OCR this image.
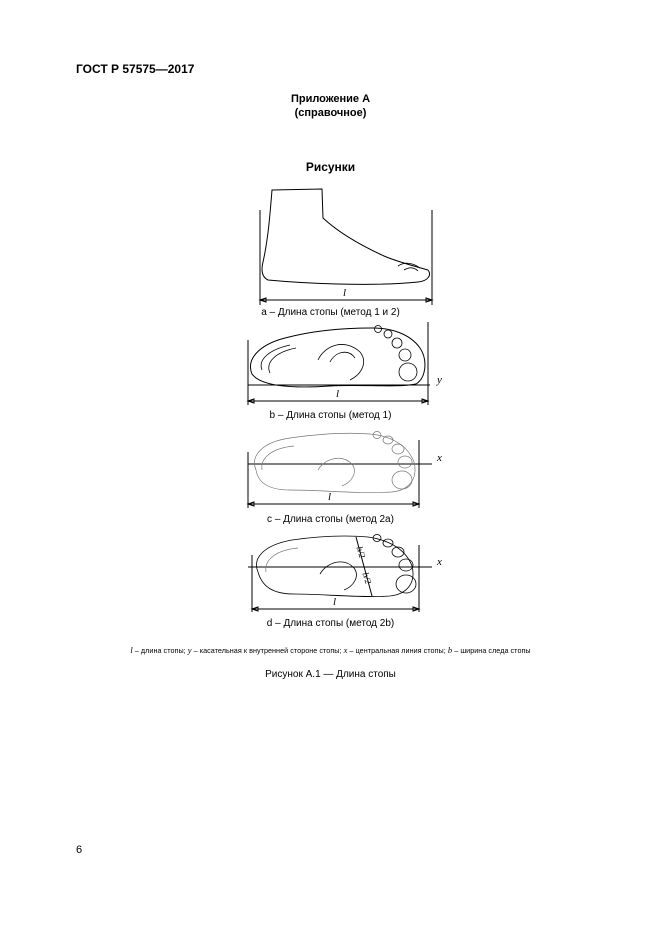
ГОСТ Р 57575—2017
Приложение А
(справочное)
Рисунки
l
l
y
l
x
b/2
b/2
l
x
а – Длина стопы (метод 1 и 2)
b – Длина стопы (метод 1)
c – Длина стопы (метод 2a)
d – Длина стопы (метод 2b)
l – длина стопы; y – касательная к внутренней стороне стопы; x – центральная линия стопы; b – ширина следа стопы
Рисунок А.1 — Длина стопы
6
